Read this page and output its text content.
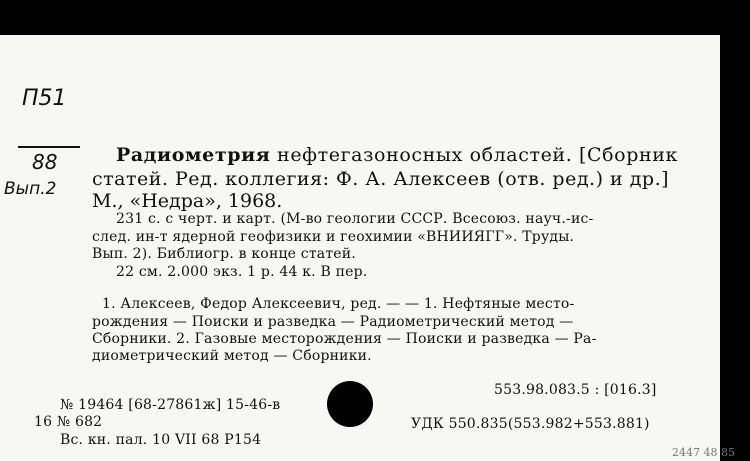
П51
88
Вып.2
Радиометрия нефтегазоносных областей. [Сборник
статей. Ред. коллегия: Ф. А. Алексеев (отв. ред.) и др.]
М., «Недра», 1968.
231 с. с черт. и карт. (М-во геологии СССР. Всесоюз. науч.-ис-
след. ин-т ядерной геофизики и геохимии «ВНИИЯГГ». Труды.
Вып. 2). Библиогр. в конце статей.
22 см. 2.000 экз. 1 р. 44 к. В пер.
1. Алексеев, Федор Алексеевич, ред. — — 1. Нефтяные место-
рождения — Поиски и разведка — Радиометрический метод —
Сборники. 2. Газовые месторождения — Поиски и разведка — Ра-
диометрический метод — Сборники.
553.98.083.5 : [016.3]
№ 19464 [68-27861ж] 15-46-в
16 № 682
Вс. кн. пал. 10 VII 68 Р154
УДК 550.835(553.982+553.881)
2447 48 85
